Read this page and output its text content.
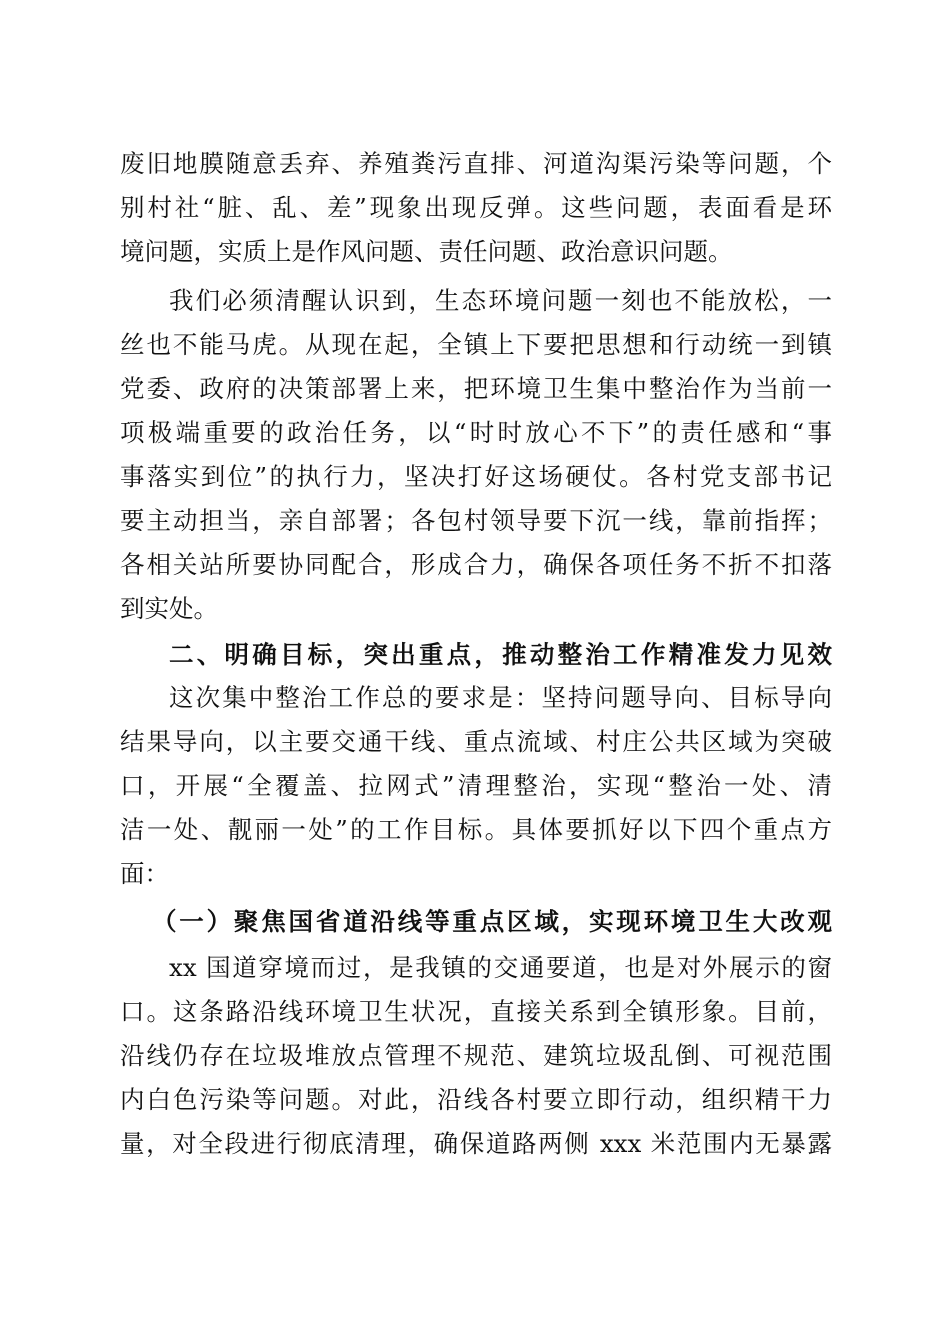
废旧地膜随意丢弃、养殖粪污直排、河道沟渠污染等问题，个
别村社“脏、乱、差”现象出现反弹。这些问题，表面看是环
境问题，实质上是作风问题、责任问题、政治意识问题。
我们必须清醒认识到，生态环境问题一刻也不能放松，一
丝也不能马虎。从现在起，全镇上下要把思想和行动统一到镇
党委、政府的决策部署上来，把环境卫生集中整治作为当前一
项极端重要的政治任务，以“时时放心不下”的责任感和“事
事落实到位”的执行力，坚决打好这场硬仗。各村党支部书记
要主动担当，亲自部署；各包村领导要下沉一线，靠前指挥；
各相关站所要协同配合，形成合力，确保各项任务不折不扣落
到实处。
二、明确目标，突出重点，推动整治工作精准发力见效
这次集中整治工作总的要求是：坚持问题导向、目标导向
结果导向，以主要交通干线、重点流域、村庄公共区域为突破
口，开展“全覆盖、拉网式”清理整治，实现“整治一处、清
洁一处、靓丽一处”的工作目标。具体要抓好以下四个重点方
面：
（一）聚焦国省道沿线等重点区域，实现环境卫生大改观
xx 国道穿境而过，是我镇的交通要道，也是对外展示的窗
口。这条路沿线环境卫生状况，直接关系到全镇形象。目前，
沿线仍存在垃圾堆放点管理不规范、建筑垃圾乱倒、可视范围
内白色污染等问题。对此，沿线各村要立即行动，组织精干力
量，对全段进行彻底清理，确保道路两侧 xxx 米范围内无暴露
